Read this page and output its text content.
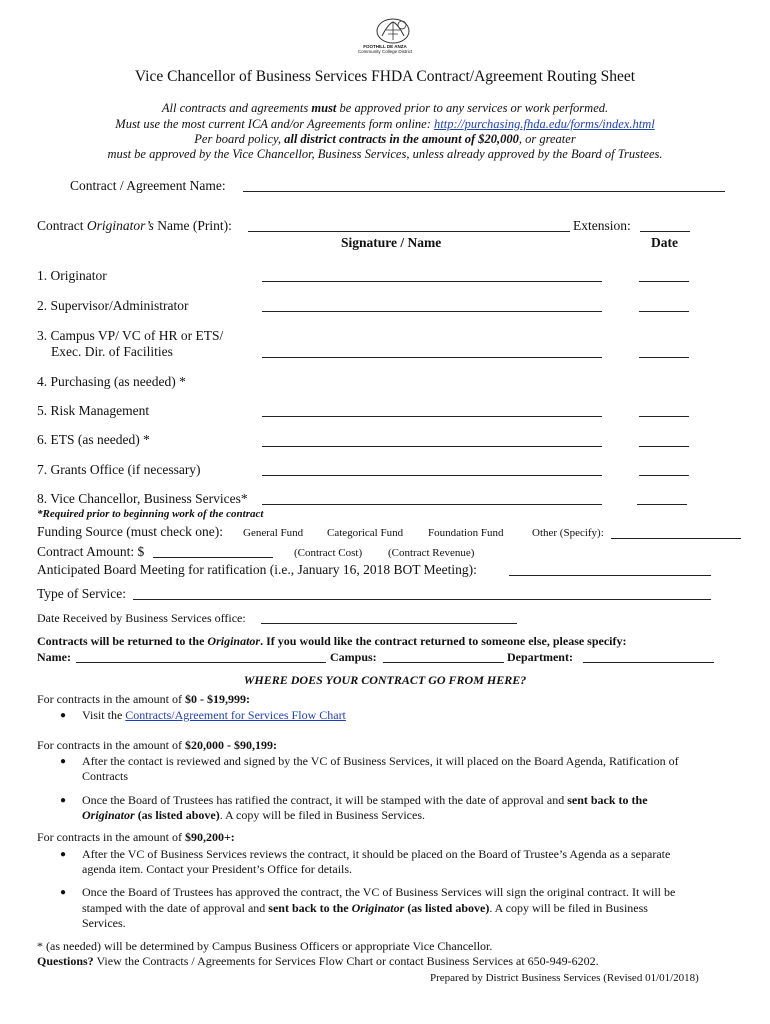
FOOTHILL DE ANZA
Community College District
Vice Chancellor of Business Services FHDA Contract/Agreement Routing Sheet
All contracts and agreements must be approved prior to any services or work performed.
Must use the most current ICA and/or Agreements form online: http://purchasing.fhda.edu/forms/index.html
Per board policy, all district contracts in the amount of $20,000, or greater
must be approved by the Vice Chancellor, Business Services, unless already approved by the Board of Trustees.
Contract / Agreement Name:
Contract Originator’s Name (Print):	Extension:
Signature / Name	Date
1. Originator
2. Supervisor/Administrator
3. Campus VP/ VC of HR or ETS/
Exec. Dir. of Facilities
4. Purchasing (as needed) *
5. Risk Management
6. ETS (as needed) *
7. Grants Office (if necessary)
8. Vice Chancellor, Business Services*
*Required prior to beginning work of the contract
Funding Source (must check one): General Fund Categorical Fund Foundation Fund	Other (Specify):
Contract Amount: $	(Contract Cost) (Contract Revenue)
Anticipated Board Meeting for ratification (i.e., January 16, 2018 BOT Meeting):
Type of Service:
Date Received by Business Services office:
Contracts will be returned to the Originator. If you would like the contract returned to someone else, please specify:
Name:	Campus:	Department:
WHERE DOES YOUR CONTRACT GO FROM HERE?
For contracts in the amount of $0 - $19,999:
● Visit the Contracts/Agreement for Services Flow Chart
For contracts in the amount of $20,000 - $90,199:
● After the contact is reviewed and signed by the VC of Business Services, it will placed on the Board Agenda, Ratification of
Contracts
● Once the Board of Trustees has ratified the contract, it will be stamped with the date of approval and sent back to the
Originator (as listed above). A copy will be filed in Business Services.
For contracts in the amount of $90,200+:
● After the VC of Business Services reviews the contract, it should be placed on the Board of Trustee’s Agenda as a separate
agenda item. Contact your President’s Office for details.
● Once the Board of Trustees has approved the contract, the VC of Business Services will sign the original contract. It will be
stamped with the date of approval and sent back to the Originator (as listed above). A copy will be filed in Business
Services.
* (as needed) will be determined by Campus Business Officers or appropriate Vice Chancellor.
Questions? View the Contracts / Agreements for Services Flow Chart or contact Business Services at 650-949-6202.
Prepared by District Business Services (Revised 01/01/2018)
